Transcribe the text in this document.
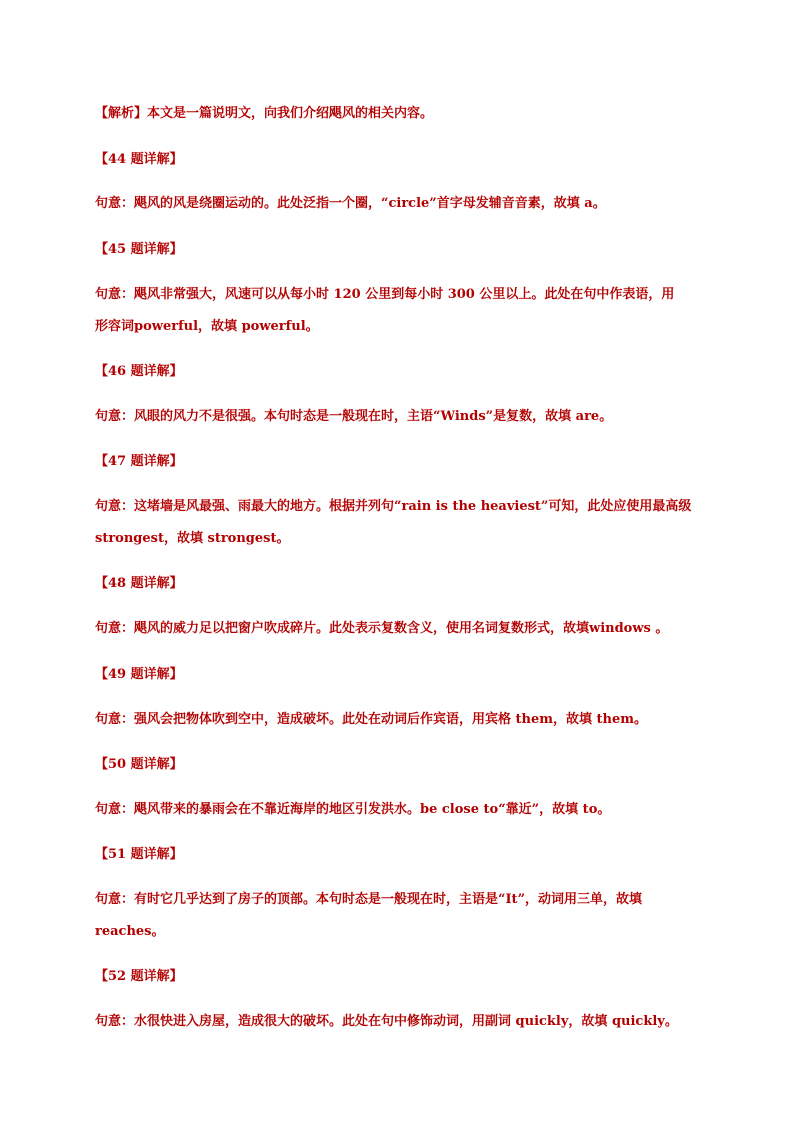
【解析】本文是一篇说明文，向我们介绍飓风的相关内容。
【44 题详解】
句意：飓风的风是绕圈运动的。此处泛指一个圈，“circle”首字母发辅音音素，故填 a。
【45 题详解】
句意：飓风非常强大，风速可以从每小时 120 公里到每小时 300 公里以上。此处在句中作表语，用
形容词powerful，故填 powerful。
【46 题详解】
句意：风眼的风力不是很强。本句时态是一般现在时，主语“Winds”是复数，故填 are。
【47 题详解】
句意：这堵墙是风最强、雨最大的地方。根据并列句“rain is the heaviest”可知，此处应使用最高级
strongest，故填 strongest。
【48 题详解】
句意：飓风的威力足以把窗户吹成碎片。此处表示复数含义，使用名词复数形式，故填windows 。
【49 题详解】
句意：强风会把物体吹到空中，造成破坏。此处在动词后作宾语，用宾格 them，故填 them。
【50 题详解】
句意：飓风带来的暴雨会在不靠近海岸的地区引发洪水。be close to“靠近”，故填 to。
【51 题详解】
句意：有时它几乎达到了房子的顶部。本句时态是一般现在时，主语是“It”，动词用三单，故填
reaches。
【52 题详解】
句意：水很快进入房屋，造成很大的破坏。此处在句中修饰动词，用副词 quickly，故填 quickly。
